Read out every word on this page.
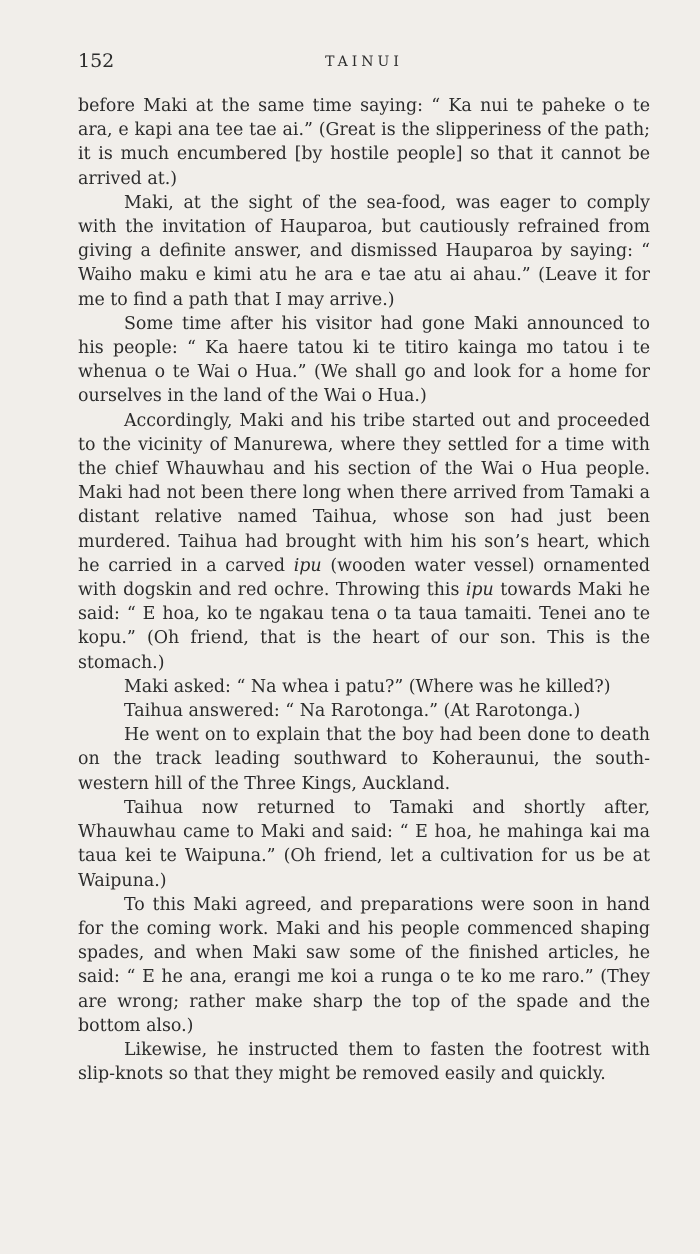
152	TAINUI

before Maki at the same time saying: “ Ka nui te paheke o te ara, e kapi ana tee tae ai.” (Great is the slipperiness of the path; it is much encumbered [by hostile people] so that it cannot be arrived at.)

Maki, at the sight of the sea-food, was eager to comply with the invitation of Hauparoa, but cautiously refrained from giving a definite answer, and dismissed Hauparoa by saying: “ Waiho maku e kimi atu he ara e tae atu ai ahau.” (Leave it for me to find a path that I may arrive.)

Some time after his visitor had gone Maki announced to his people: “ Ka haere tatou ki te titiro kainga mo tatou i te whenua o te Wai o Hua.” (We shall go and look for a home for ourselves in the land of the Wai o Hua.)

Accordingly, Maki and his tribe started out and proceeded to the vicinity of Manurewa, where they settled for a time with the chief Whauwhau and his section of the Wai o Hua people. Maki had not been there long when there arrived from Tamaki a distant relative named Taihua, whose son had just been murdered. Taihua had brought with him his son’s heart, which he carried in a carved ipu (wooden water vessel) ornamented with dogskin and red ochre. Throwing this ipu towards Maki he said: “ E hoa, ko te ngakau tena o ta taua tamaiti. Tenei ano te kopu.” (Oh friend, that is the heart of our son. This is the stomach.)

Maki asked: “ Na whea i patu?” (Where was he killed?)

Taihua answered: “ Na Rarotonga.” (At Rarotonga.)

He went on to explain that the boy had been done to death on the track leading southward to Koheraunui, the south-western hill of the Three Kings, Auckland.

Taihua now returned to Tamaki and shortly after, Whauwhau came to Maki and said: “ E hoa, he mahinga kai ma taua kei te Waipuna.” (Oh friend, let a cultivation for us be at Waipuna.)

To this Maki agreed, and preparations were soon in hand for the coming work. Maki and his people commenced shaping spades, and when Maki saw some of the finished articles, he said: “ E he ana, erangi me koi a runga o te ko me raro.” (They are wrong; rather make sharp the top of the spade and the bottom also.)

Likewise, he instructed them to fasten the footrest with slip-knots so that they might be removed easily and quickly.
